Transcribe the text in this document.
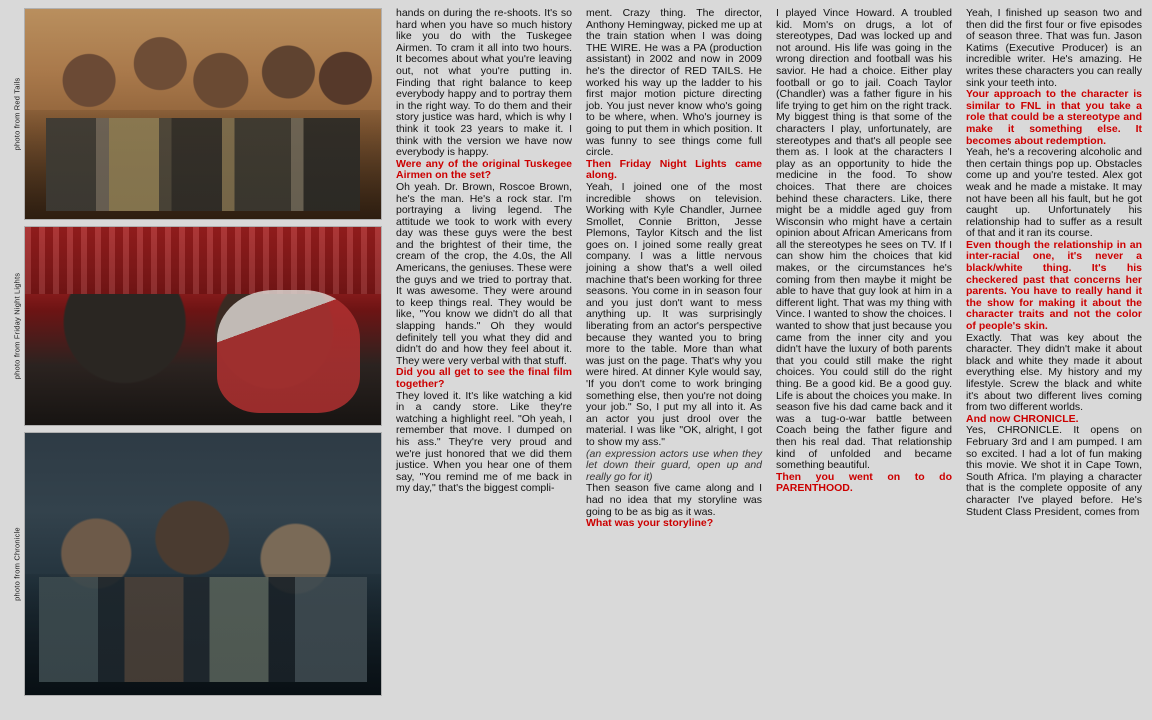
photo from Red Tails
photo from Friday Night Lights
photo from Chronicle

hands on during the re-shoots. It's so hard when you have so much history like you do with the Tuskegee Airmen. To cram it all into two hours. It becomes about what you're leaving out, not what you're putting in. Finding that right balance to keep everybody happy and to portray them in the right way. To do them and their story justice was hard, which is why I think it took 23 years to make it. I think with the version we have now everybody is happy.

Were any of the original Tuskegee Airmen on the set?

Oh yeah. Dr. Brown, Roscoe Brown, he's the man. He's a rock star. I'm portraying a living legend. The attitude we took to work with every day was these guys were the best and the brightest of their time, the cream of the crop, the 4.0s, the All Americans, the geniuses. These were the guys and we tried to portray that. It was awesome. They were around to keep things real. They would be like, "You know we didn't do all that slapping hands." Oh they would definitely tell you what they did and didn't do and how they feel about it. They were very verbal with that stuff.

Did you all get to see the final film together?

They loved it. It's like watching a kid in a candy store. Like they're watching a highlight reel. "Oh yeah, I remember that move. I dumped on his ass." They're very proud and we're just honored that we did them justice. When you hear one of them say, "You remind me of me back in my day," that's the biggest compli-

ment. Crazy thing. The director, Anthony Hemingway, picked me up at the train station when I was doing THE WIRE. He was a PA (production assistant) in 2002 and now in 2009 he's the director of RED TAILS. He worked his way up the ladder to his first major motion picture directing job. You just never know who's going to be where, when. Who's journey is going to put them in which position. It was funny to see things come full circle.

Then Friday Night Lights came along.

Yeah, I joined one of the most incredible shows on television. Working with Kyle Chandler, Jurnee Smollet, Connie Britton, Jesse Plemons, Taylor Kitsch and the list goes on. I joined some really great company. I was a little nervous joining a show that's a well oiled machine that's been working for three seasons. You come in in season four and you just don't want to mess anything up. It was surprisingly liberating from an actor's perspective because they wanted you to bring more to the table. More than what was just on the page. That's why you were hired. At dinner Kyle would say, 'If you don't come to work bringing something else, then you're not doing your job." So, I put my all into it. As an actor you just drool over the material. I was like "OK, alright, I got to show my ass."

(an expression actors use when they let down their guard, open up and really go for it)

Then season five came along and I had no idea that my storyline was going to be as big as it was.

What was your storyline?

I played Vince Howard. A troubled kid. Mom's on drugs, a lot of stereotypes, Dad was locked up and not around. His life was going in the wrong direction and football was his savior. He had a choice. Either play football or go to jail. Coach Taylor (Chandler) was a father figure in his life trying to get him on the right track. My biggest thing is that some of the characters I play, unfortunately, are stereotypes and that's all people see them as. I look at the characters I play as an opportunity to hide the medicine in the food. To show choices. That there are choices behind these characters. Like, there might be a middle aged guy from Wisconsin who might have a certain opinion about African Americans from all the stereotypes he sees on TV. If I can show him the choices that kid makes, or the circumstances he's coming from then maybe it might be able to have that guy look at him in a different light. That was my thing with Vince. I wanted to show the choices. I wanted to show that just because you came from the inner city and you didn't have the luxury of both parents that you could still make the right choices. You could still do the right thing. Be a good kid. Be a good guy. Life is about the choices you make. In season five his dad came back and it was a tug-o-war battle between Coach being the father figure and then his real dad. That relationship kind of unfolded and became something beautiful.

Then you went on to do PARENTHOOD.

Yeah, I finished up season two and then did the first four or five episodes of season three. That was fun. Jason Katims (Executive Producer) is an incredible writer. He's amazing. He writes these characters you can really sink your teeth into.

Your approach to the character is similar to FNL in that you take a role that could be a stereotype and make it something else. It becomes about redemption.

Yeah, he's a recovering alcoholic and then certain things pop up. Obstacles come up and you're tested. Alex got weak and he made a mistake. It may not have been all his fault, but he got caught up. Unfortunately his relationship had to suffer as a result of that and it ran its course.

Even though the relationship in an inter-racial one, it's never a black/white thing. It's his checkered past that concerns her parents. You have to really hand it the show for making it about the character traits and not the color of people's skin.

Exactly. That was key about the character. They didn't make it about black and white they made it about everything else. My history and my lifestyle. Screw the black and white it's about two different lives coming from two different worlds.

And now CHRONICLE.

Yes, CHRONICLE. It opens on February 3rd and I am pumped. I am so excited. I had a lot of fun making this movie. We shot it in Cape Town, South Africa. I'm playing a character that is the complete opposite of any character I've played before. He's Student Class President, comes from
